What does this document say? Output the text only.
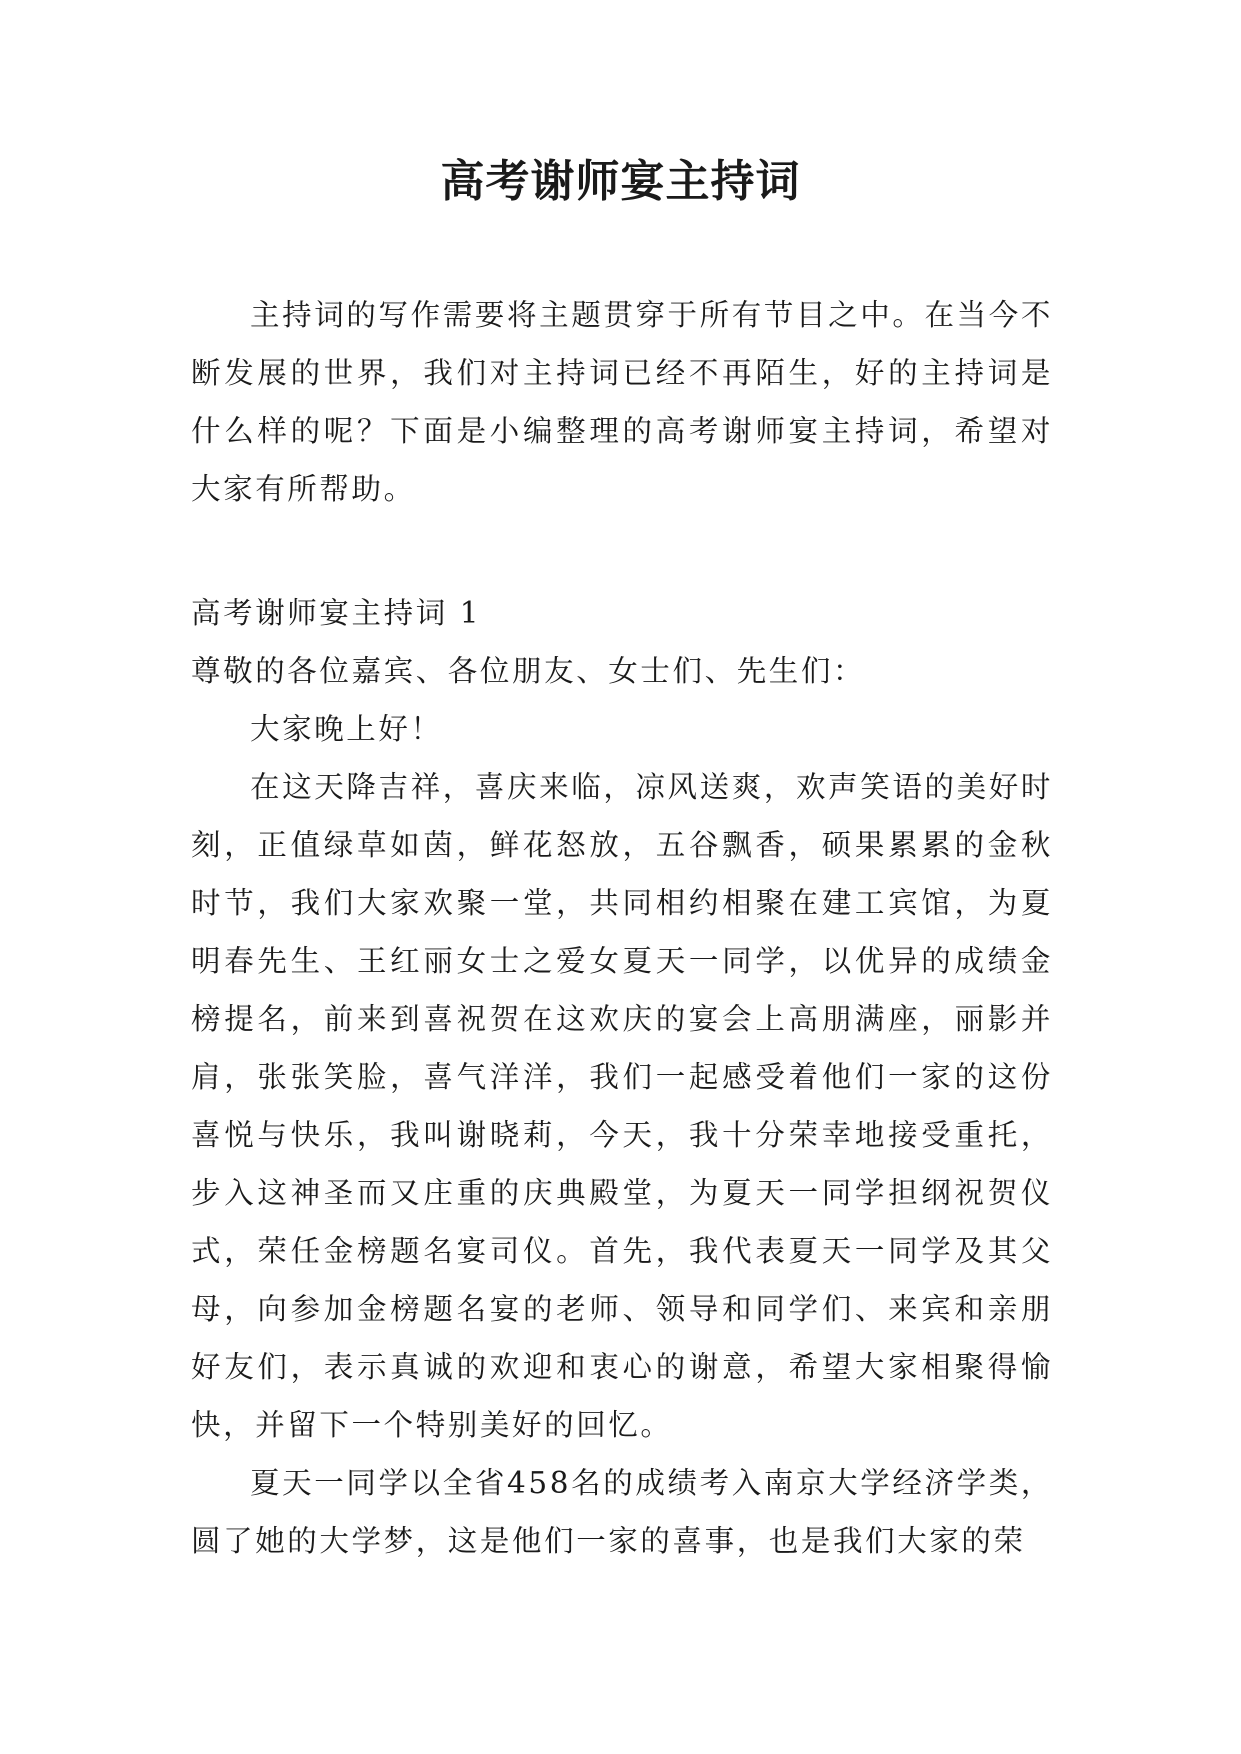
高考谢师宴主持词

主持词的写作需要将主题贯穿于所有节目之中。在当今不断发展的世界，我们对主持词已经不再陌生，好的主持词是什么样的呢？下面是小编整理的高考谢师宴主持词，希望对大家有所帮助。

高考谢师宴主持词 1

尊敬的各位嘉宾、各位朋友、女士们、先生们：

大家晚上好！

在这天降吉祥，喜庆来临，凉风送爽，欢声笑语的美好时刻，正值绿草如茵，鲜花怒放，五谷飘香，硕果累累的金秋时节，我们大家欢聚一堂，共同相约相聚在建工宾馆，为夏明春先生、王红丽女士之爱女夏天一同学，以优异的成绩金榜提名，前来到喜祝贺在这欢庆的宴会上高朋满座，丽影并肩，张张笑脸，喜气洋洋，我们一起感受着他们一家的这份喜悦与快乐，我叫谢晓莉，今天，我十分荣幸地接受重托，步入这神圣而又庄重的庆典殿堂，为夏天一同学担纲祝贺仪式，荣任金榜题名宴司仪。首先，我代表夏天一同学及其父母，向参加金榜题名宴的老师、领导和同学们、来宾和亲朋好友们，表示真诚的欢迎和衷心的谢意，希望大家相聚得愉快，并留下一个特别美好的回忆。

夏天一同学以全省458名的成绩考入南京大学经济学类，圆了她的大学梦，这是他们一家的喜事，也是我们大家的荣
